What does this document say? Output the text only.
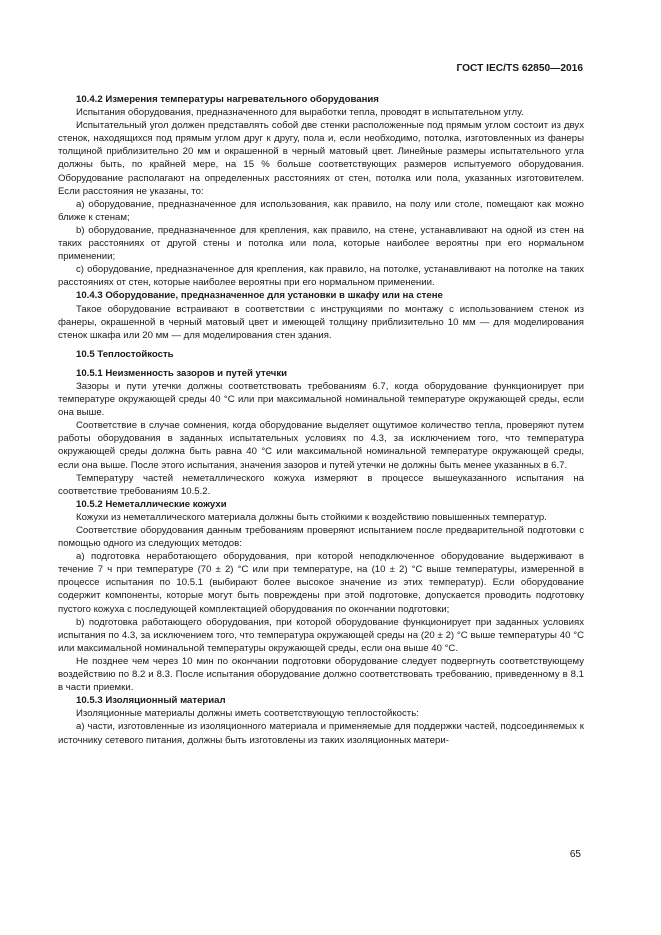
ГОСТ IEC/TS 62850—2016

10.4.2 Измерения температуры нагревательного оборудования

Испытания оборудования, предназначенного для выработки тепла, проводят в испытательном углу.

Испытательный угол должен представлять собой две стенки расположенные под прямым углом состоит из двух стенок, находящихся под прямым углом друг к другу, пола и, если необходимо, потолка, изготовленных из фанеры толщиной приблизительно 20 мм и окрашенной в черный матовый цвет. Линейные размеры испытательного угла должны быть, по крайней мере, на 15 % больше соответствующих размеров испытуемого оборудования. Оборудование располагают на определенных расстояниях от стен, потолка или пола, указанных изготовителем. Если расстояния не указаны, то:

a) оборудование, предназначенное для использования, как правило, на полу или столе, помещают как можно ближе к стенам;

b) оборудование, предназначенное для крепления, как правило, на стене, устанавливают на одной из стен на таких расстояниях от другой стены и потолка или пола, которые наиболее вероятны при его нормальном применении;

c) оборудование, предназначенное для крепления, как правило, на потолке, устанавливают на потолке на таких расстояниях от стен, которые наиболее вероятны при его нормальном применении.

10.4.3 Оборудование, предназначенное для установки в шкафу или на стене

Такое оборудование встраивают в соответствии с инструкциями по монтажу с использованием стенок из фанеры, окрашенной в черный матовый цвет и имеющей толщину приблизительно 10 мм — для моделирования стенок шкафа или 20 мм — для моделирования стен здания.

10.5 Теплостойкость

10.5.1 Неизменность зазоров и путей утечки

Зазоры и пути утечки должны соответствовать требованиям 6.7, когда оборудование функционирует при температуре окружающей среды 40 °С или при максимальной номинальной температуре окружающей среды, если она выше.

Соответствие в случае сомнения, когда оборудование выделяет ощутимое количество тепла, проверяют путем работы оборудования в заданных испытательных условиях по 4.3, за исключением того, что температура окружающей среды должна быть равна 40 °С или максимальной номинальной температуре окружающей среды, если она выше. После этого испытания, значения зазоров и путей утечки не должны быть менее указанных в 6.7.

Температуру частей неметаллического кожуха измеряют в процессе вышеуказанного испытания на соответствие требованиям 10.5.2.

10.5.2 Неметаллические кожухи

Кожухи из неметаллического материала должны быть стойкими к воздействию повышенных температур.

Соответствие оборудования данным требованиям проверяют испытанием после предварительной подготовки с помощью одного из следующих методов:

a) подготовка неработающего оборудования, при которой неподключенное оборудование выдерживают в течение 7 ч при температуре (70 ± 2) °С или при температуре, на (10 ± 2) °С выше температуры, измеренной в процессе испытания по 10.5.1 (выбирают более высокое значение из этих температур). Если оборудование содержит компоненты, которые могут быть повреждены при этой подготовке, допускается проводить подготовку пустого кожуха с последующей комплектацией оборудования по окончании подготовки;

b) подготовка работающего оборудования, при которой оборудование функционирует при заданных условиях испытания по 4.3, за исключением того, что температура окружающей среды на (20 ± 2) °С выше температуры 40 °С или максимальной номинальной температуры окружающей среды, если она выше 40 °С.

Не позднее чем через 10 мин по окончании подготовки оборудование следует подвергнуть соответствующему воздействию по 8.2 и 8.3. После испытания оборудование должно соответствовать требованию, приведенному в 8.1 в части приемки.

10.5.3 Изоляционный материал

Изоляционные материалы должны иметь соответствующую теплостойкость:

a) части, изготовленные из изоляционного материала и применяемые для поддержки частей, подсоединяемых к источнику сетевого питания, должны быть изготовлены из таких изоляционных матери-

65
